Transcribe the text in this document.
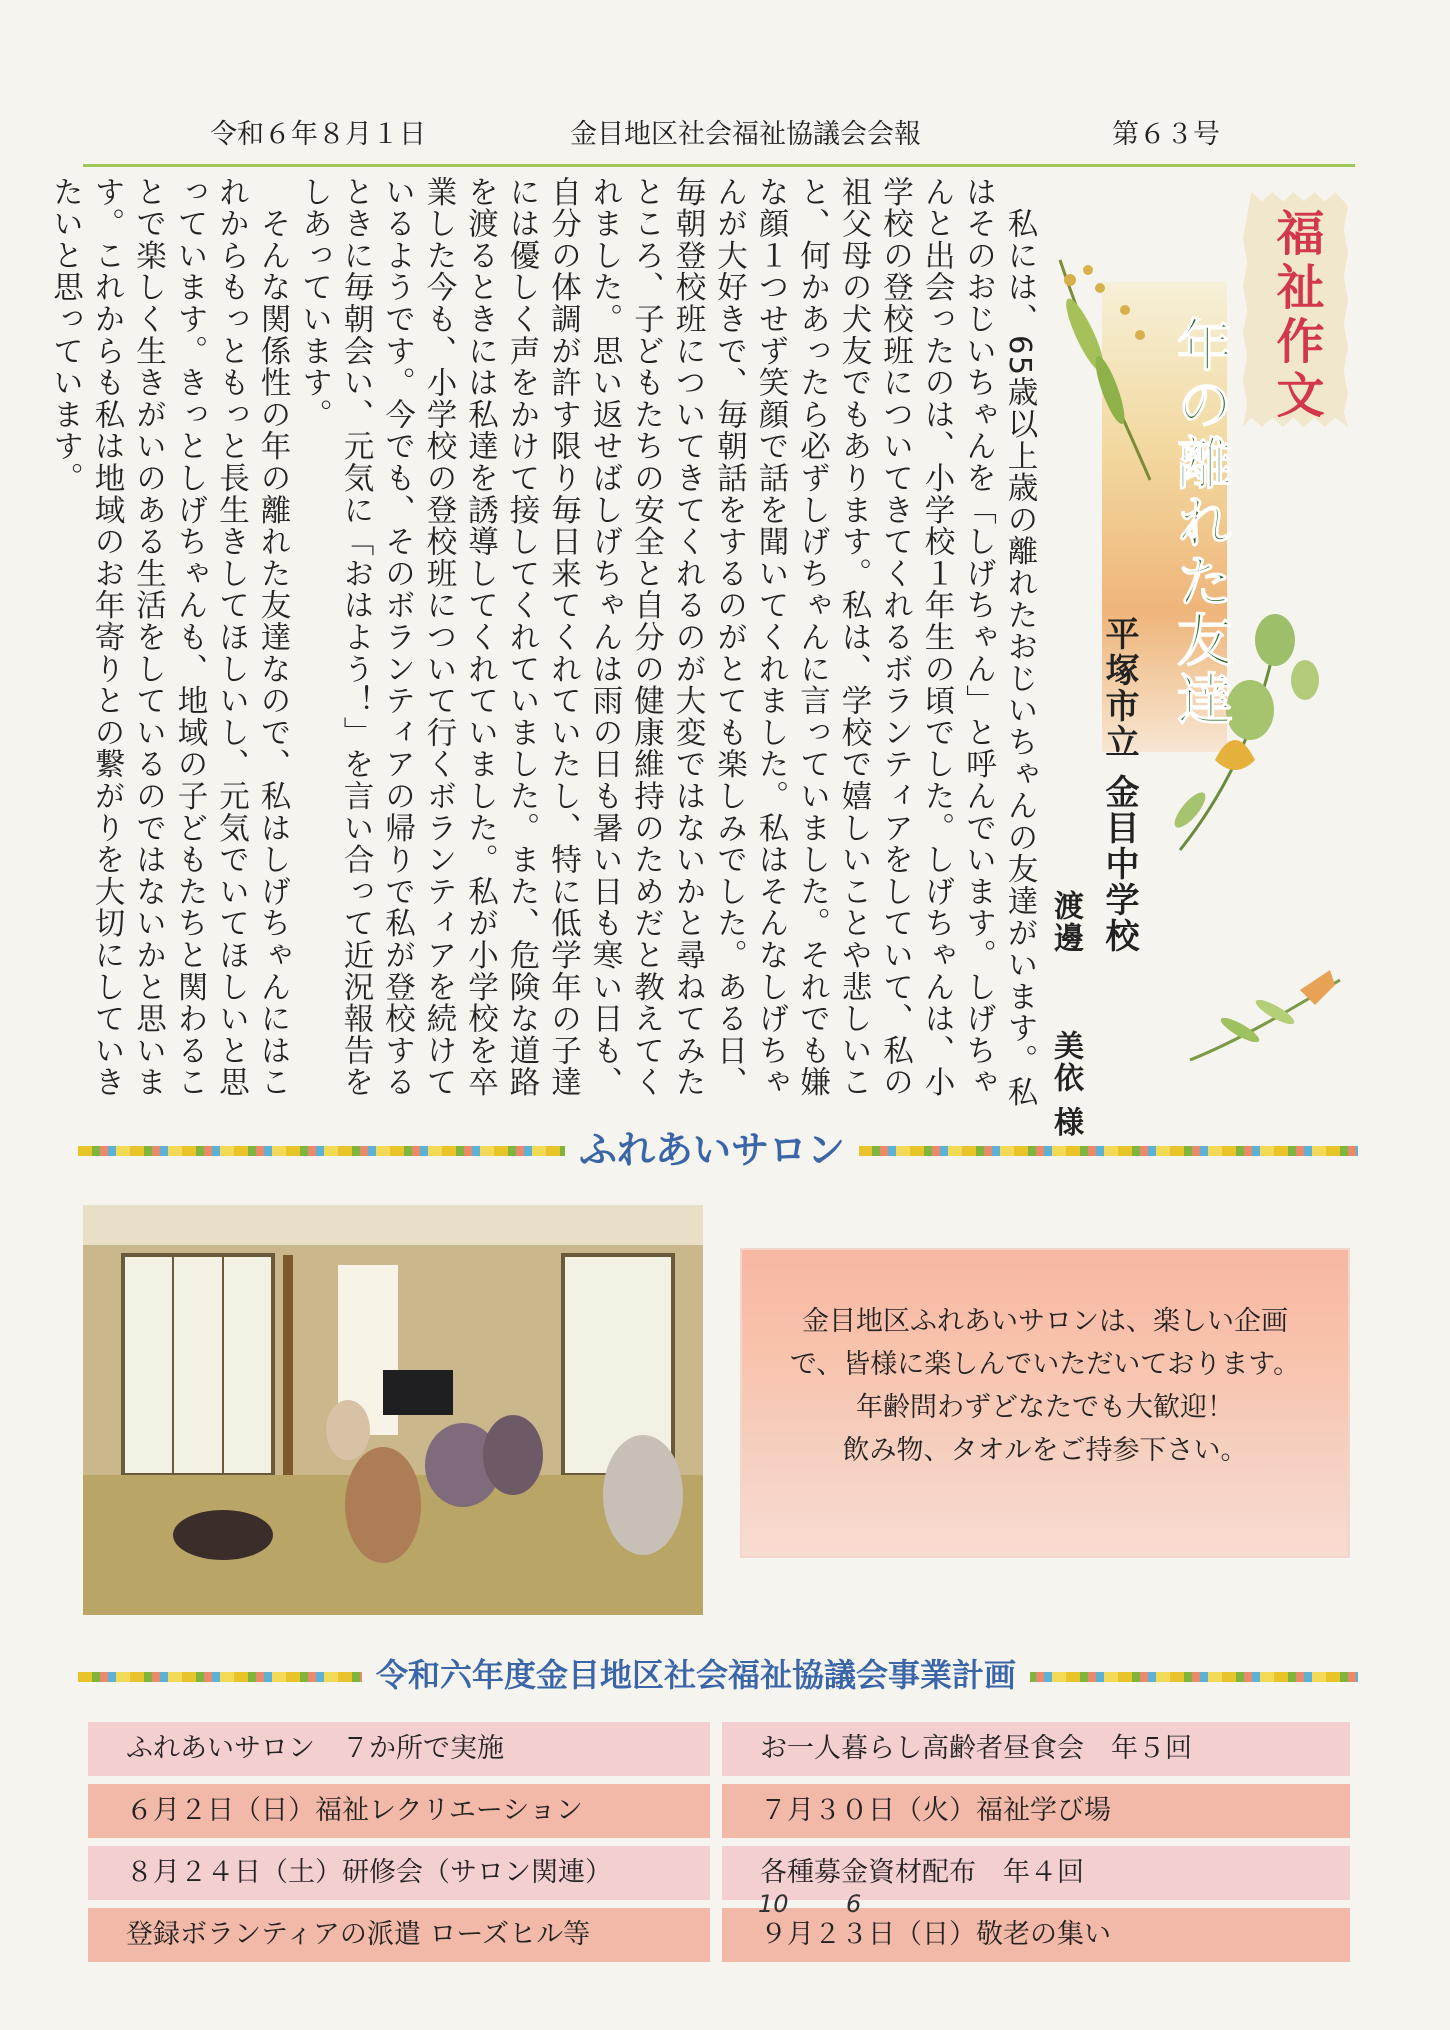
令和６年８月１日	金目地区社会福祉協議会会報	第６３号
福祉作文
年の離れた友達
平塚市立 金目中学校
渡邊
美依 様
　私には、65歳以上歳の離れたおじいちゃんの友達がいます。私はそのおじいちゃんを「しげちゃん」と呼んでいます。しげちゃんと出会ったのは、小学校１年生の頃でした。しげちゃんは、小学校の登校班についてきてくれるボランティアをしていて、私の祖父母の犬友でもあります。私は、学校で嬉しいことや悲しいこと、何かあったら必ずしげちゃんに言っていました。それでも嫌な顔１つせず笑顔で話を聞いてくれました。私はそんなしげちゃんが大好きで、毎朝話をするのがとても楽しみでした。ある日、毎朝登校班についてきてくれるのが大変ではないかと尋ねてみたところ、子どもたちの安全と自分の健康維持のためだと教えてくれました。思い返せばしげちゃんは雨の日も暑い日も寒い日も、自分の体調が許す限り毎日来てくれていたし、特に低学年の子達には優しく声をかけて接してくれていました。また、危険な道路を渡るときには私達を誘導してくれていました。私が小学校を卒業した今も、小学校の登校班について行くボランティアを続けているようです。今でも、そのボランティアの帰りで私が登校するときに毎朝会い、元気に「おはよう！」を言い合って近況報告をしあっています。
　そんな関係性の年の離れた友達なので、私はしげちゃんにはこれからもっともっと長生きしてほしいし、元気でいてほしいと思っています。きっとしげちゃんも、地域の子どもたちと関わることで楽しく生きがいのある生活をしているのではないかと思います。これからも私は地域のお年寄りとの繋がりを大切にしていきたいと思っています。
ふれあいサロン
金目地区ふれあいサロンは、楽しい企画
で、皆様に楽しんでいただいております。
年齢問わずどなたでも大歓迎！
飲み物、タオルをご持参下さい。
令和六年度金目地区社会福祉協議会事業計画
ふれあいサロン　７か所で実施	お一人暮らし高齢者昼食会　年５回
６月２日（日）福祉レクリエーション	７月３０日（火）福祉学び場
８月２４日（土）研修会（サロン関連）	各種募金資材配布　年４回
登録ボランティアの派遣 ローズヒル等	９月２３日（日）敬老の集い
10 6
